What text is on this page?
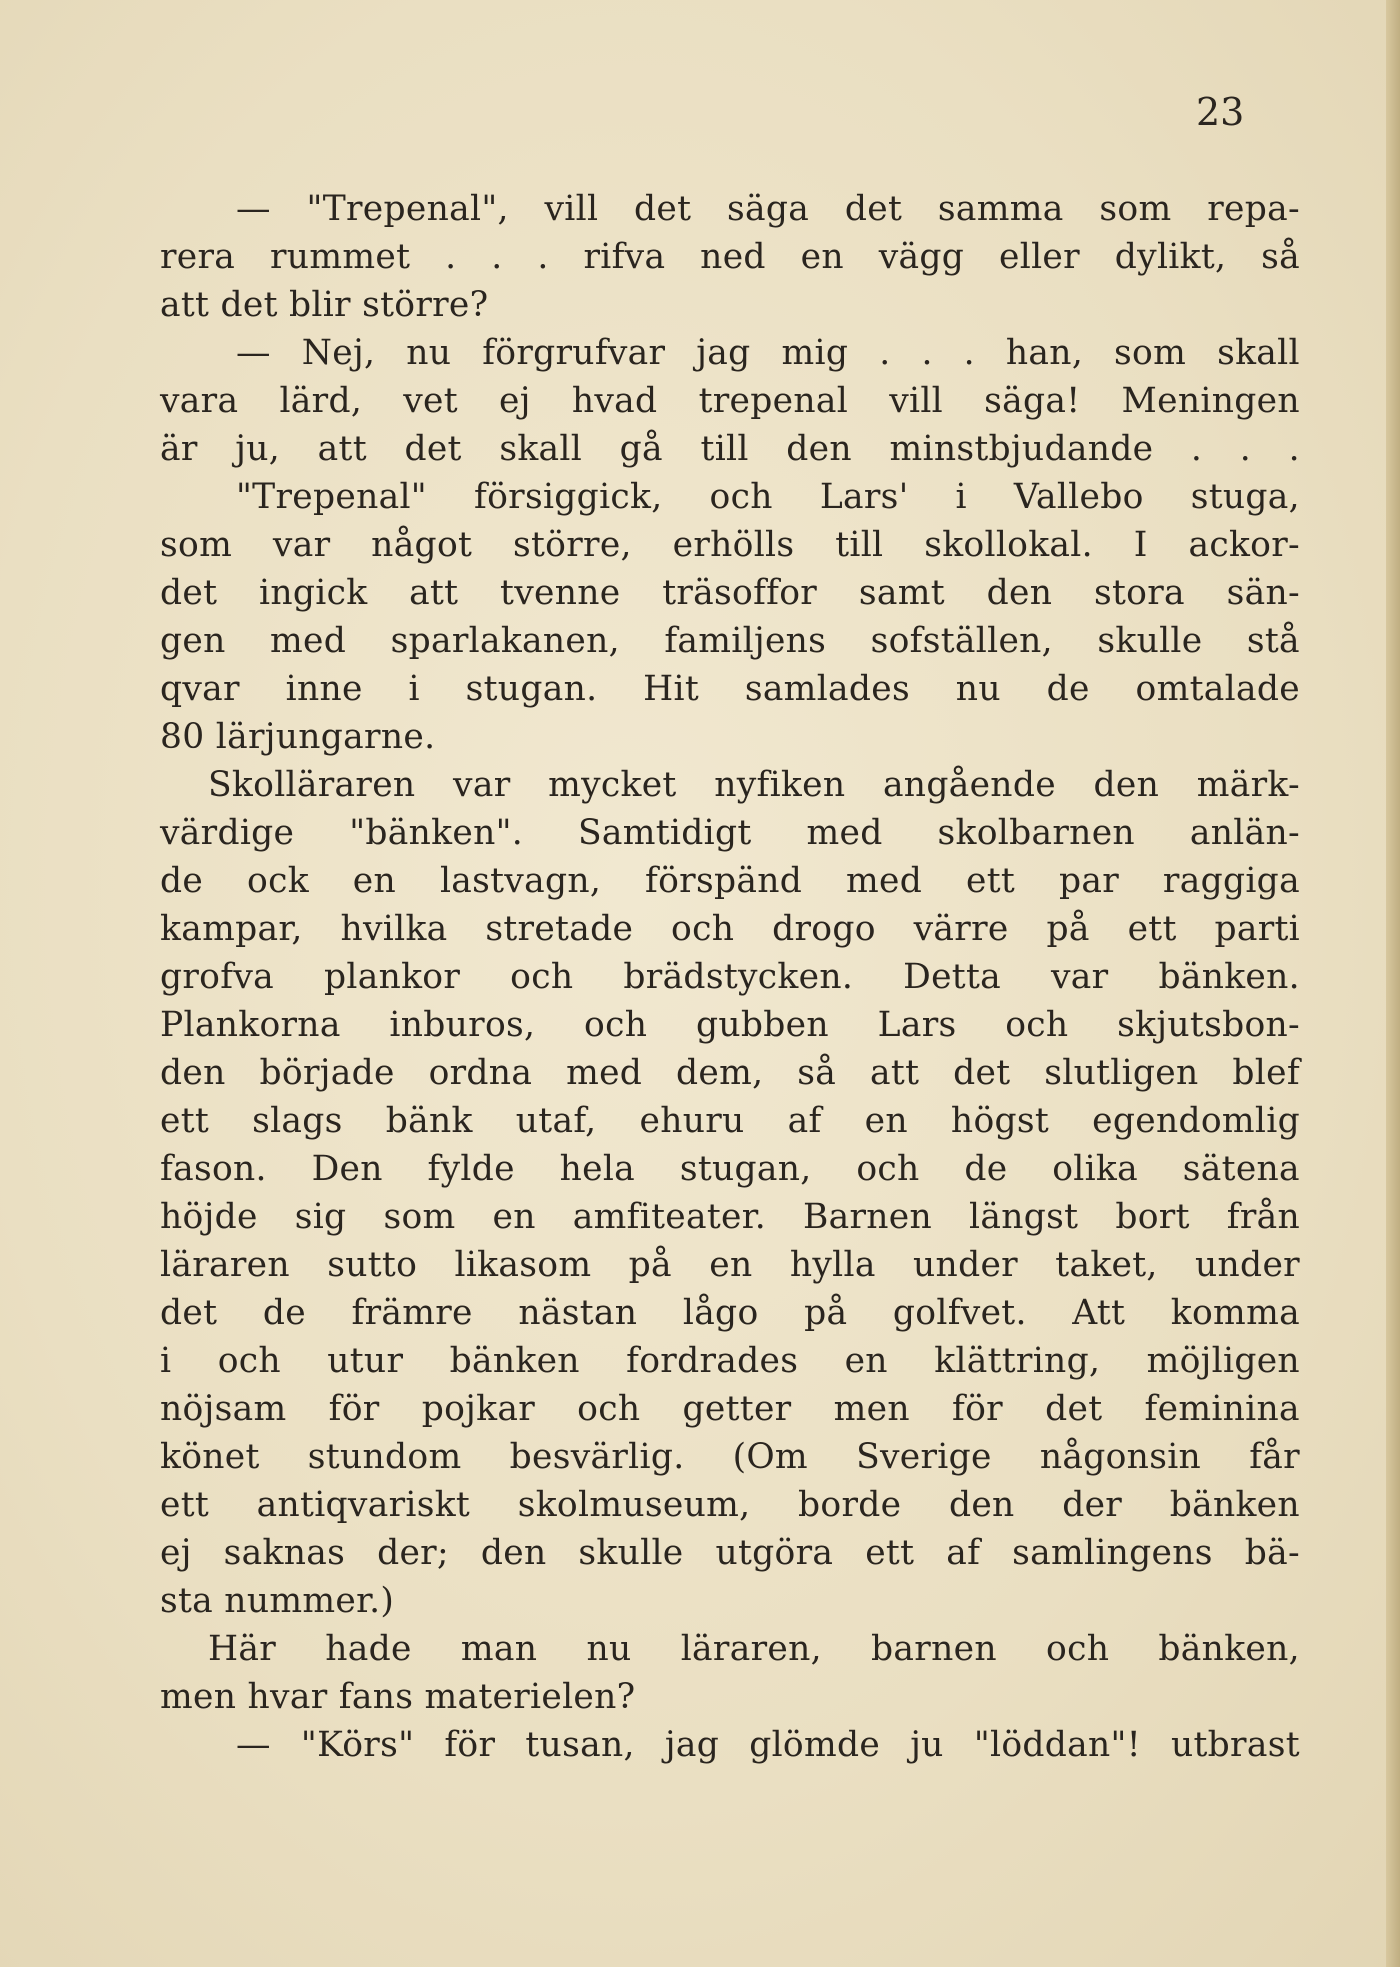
23
— "Trepenal", vill det säga det samma som repa-
rera rummet . . . rifva ned en vägg eller dylikt, så
att det blir större?
— Nej, nu förgrufvar jag mig . . . han, som skall
vara lärd, vet ej hvad trepenal vill säga! Meningen
är ju, att det skall gå till den minstbjudande . . .
"Trepenal" försiggick, och Lars' i Vallebo stuga,
som var något större, erhölls till skollokal. I ackor-
det ingick att tvenne träsoffor samt den stora sän-
gen med sparlakanen, familjens sofställen, skulle stå
qvar inne i stugan. Hit samlades nu de omtalade
80 lärjungarne.
Skolläraren var mycket nyfiken angående den märk-
värdige "bänken". Samtidigt med skolbarnen anlän-
de ock en lastvagn, förspänd med ett par raggiga
kampar, hvilka stretade och drogo värre på ett parti
grofva plankor och brädstycken. Detta var bänken.
Plankorna inburos, och gubben Lars och skjutsbon-
den började ordna med dem, så att det slutligen blef
ett slags bänk utaf, ehuru af en högst egendomlig
fason. Den fylde hela stugan, och de olika sätena
höjde sig som en amfiteater. Barnen längst bort från
läraren sutto likasom på en hylla under taket, under
det de främre nästan lågo på golfvet. Att komma
i och utur bänken fordrades en klättring, möjligen
nöjsam för pojkar och getter men för det feminina
könet stundom besvärlig. (Om Sverige någonsin får
ett antiqvariskt skolmuseum, borde den der bänken
ej saknas der; den skulle utgöra ett af samlingens bä-
sta nummer.)
Här hade man nu läraren, barnen och bänken,
men hvar fans materielen?
— "Körs" för tusan, jag glömde ju "löddan"! utbrast
